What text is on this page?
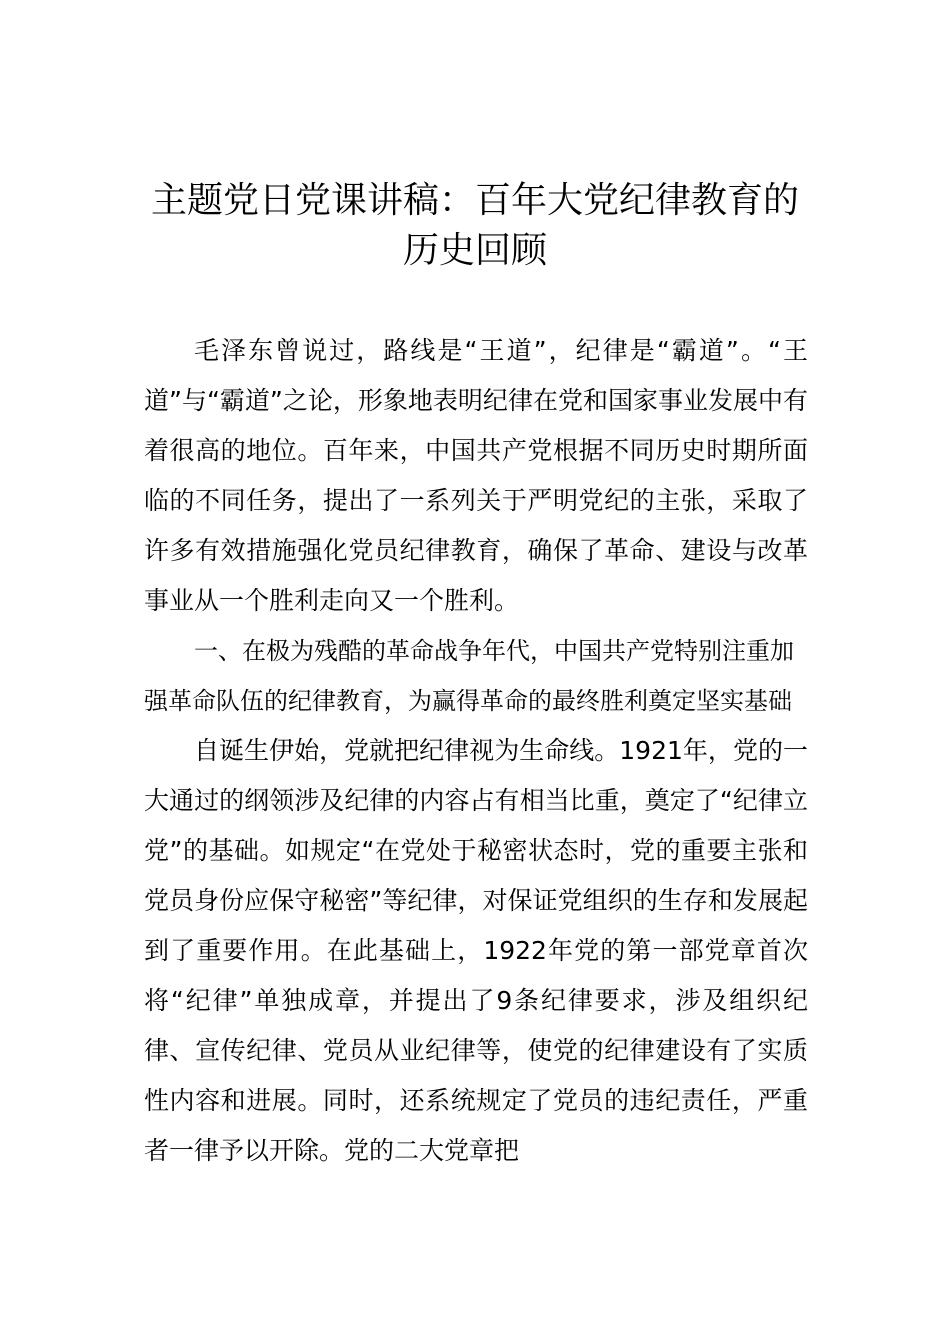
主题党日党课讲稿：百年大党纪律教育的
历史回顾

毛泽东曾说过，路线是“王道”，纪律是“霸道”。“王道”与“霸道”之论，形象地表明纪律在党和国家事业发展中有着很高的地位。百年来，中国共产党根据不同历史时期所面临的不同任务，提出了一系列关于严明党纪的主张，采取了许多有效措施强化党员纪律教育，确保了革命、建设与改革事业从一个胜利走向又一个胜利。

一、在极为残酷的革命战争年代，中国共产党特别注重加强革命队伍的纪律教育，为赢得革命的最终胜利奠定坚实基础

自诞生伊始，党就把纪律视为生命线。1921年，党的一大通过的纲领涉及纪律的内容占有相当比重，奠定了“纪律立党”的基础。如规定“在党处于秘密状态时，党的重要主张和党员身份应保守秘密”等纪律，对保证党组织的生存和发展起到了重要作用。在此基础上，1922年党的第一部党章首次将“纪律”单独成章，并提出了9条纪律要求，涉及组织纪律、宣传纪律、党员从业纪律等，使党的纪律建设有了实质性内容和进展。同时，还系统规定了党员的违纪责任，严重者一律予以开除。党的二大党章把
